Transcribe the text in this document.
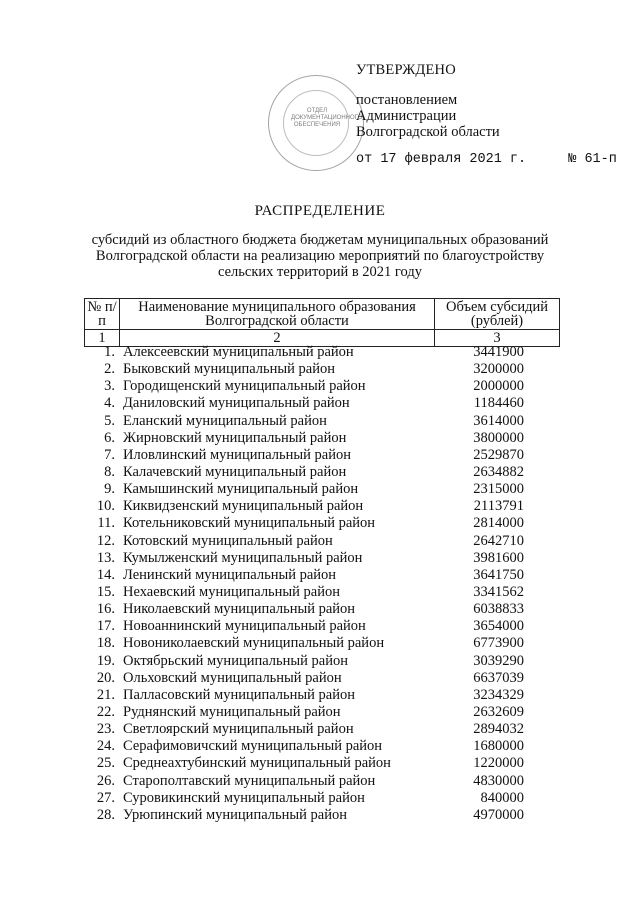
ОТДЕЛ ДОКУМЕНТАЦИОННОГО ОБЕСПЕЧЕНИЯ
УТВЕРЖДЕНО
постановлением
Администрации
Волгоградской области
от 17 февраля 2021 г.	№ 61-п
РАСПРЕДЕЛЕНИЕ
субсидий из областного бюджета бюджетам муниципальных образований Волгоградской области на реализацию мероприятий по благоустройству сельских территорий в 2021 году
№ п/п	Наименование муниципального образования Волгоградской области	Объем субсидий (рублей)
1	2	3
1. Алексеевский муниципальный район	3441900
2. Быковский муниципальный район	3200000
3. Городищенский муниципальный район	2000000
4. Даниловский муниципальный район	1184460
5. Еланский муниципальный район	3614000
6. Жирновский муниципальный район	3800000
7. Иловлинский муниципальный район	2529870
8. Калачевский муниципальный район	2634882
9. Камышинский муниципальный район	2315000
10. Киквидзенский муниципальный район	2113791
11. Котельниковский муниципальный район	2814000
12. Котовский муниципальный район	2642710
13. Кумылженский муниципальный район	3981600
14. Ленинский муниципальный район	3641750
15. Нехаевский муниципальный район	3341562
16. Николаевский муниципальный район	6038833
17. Новоаннинский муниципальный район	3654000
18. Новониколаевский муниципальный район	6773900
19. Октябрьский муниципальный район	3039290
20. Ольховский муниципальный район	6637039
21. Палласовский муниципальный район	3234329
22. Руднянский муниципальный район	2632609
23. Светлоярский муниципальный район	2894032
24. Серафимовичский муниципальный район	1680000
25. Среднеахтубинский муниципальный район	1220000
26. Старополтавский муниципальный район	4830000
27. Суровикинский муниципальный район	840000
28. Урюпинский муниципальный район	4970000
